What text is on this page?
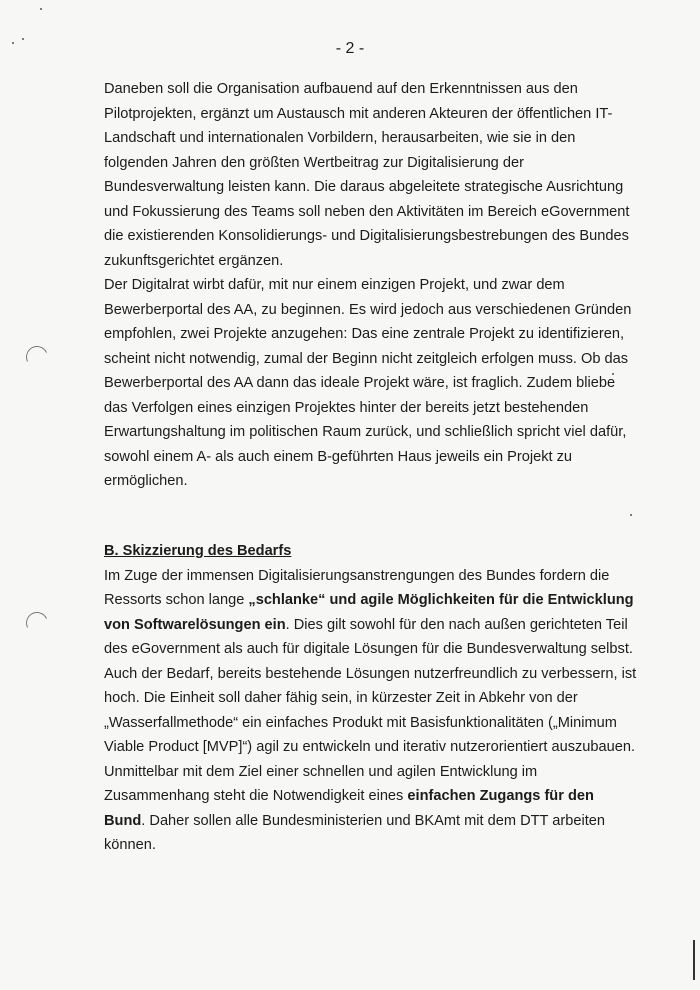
- 2 -
Daneben soll die Organisation aufbauend auf den Erkenntnissen aus den
Pilotprojekten, ergänzt um Austausch mit anderen Akteuren der öffentlichen IT-
Landschaft und internationalen Vorbildern, herausarbeiten, wie sie in den
folgenden Jahren den größten Wertbeitrag zur Digitalisierung der
Bundesverwaltung leisten kann. Die daraus abgeleitete strategische Ausrichtung
und Fokussierung des Teams soll neben den Aktivitäten im Bereich eGovernment
die existierenden Konsolidierungs- und Digitalisierungsbestrebungen des Bundes
zukunftsgerichtet ergänzen.
Der Digitalrat wirbt dafür, mit nur einem einzigen Projekt, und zwar dem
Bewerberportal des AA, zu beginnen. Es wird jedoch aus verschiedenen Gründen
empfohlen, zwei Projekte anzugehen: Das eine zentrale Projekt zu identifizieren,
scheint nicht notwendig, zumal der Beginn nicht zeitgleich erfolgen muss. Ob das
Bewerberportal des AA dann das ideale Projekt wäre, ist fraglich. Zudem bliebe
das Verfolgen eines einzigen Projektes hinter der bereits jetzt bestehenden
Erwartungshaltung im politischen Raum zurück, und schließlich spricht viel dafür,
sowohl einem A- als auch einem B-geführten Haus jeweils ein Projekt zu
ermöglichen.
B. Skizzierung des Bedarfs
Im Zuge der immensen Digitalisierungsanstrengungen des Bundes fordern die
Ressorts schon lange „schlanke“ und agile Möglichkeiten für die Entwicklung
von Softwarelösungen ein. Dies gilt sowohl für den nach außen gerichteten Teil
des eGovernment als auch für digitale Lösungen für die Bundesverwaltung selbst.
Auch der Bedarf, bereits bestehende Lösungen nutzerfreundlich zu verbessern, ist
hoch. Die Einheit soll daher fähig sein, in kürzester Zeit in Abkehr von der
„Wasserfallmethode“ ein einfaches Produkt mit Basisfunktionalitäten („Minimum
Viable Product [MVP]“) agil zu entwickeln und iterativ nutzerorientiert auszubauen.
Unmittelbar mit dem Ziel einer schnellen und agilen Entwicklung im
Zusammenhang steht die Notwendigkeit eines einfachen Zugangs für den
Bund. Daher sollen alle Bundesministerien und BKAmt mit dem DTT arbeiten
können.
